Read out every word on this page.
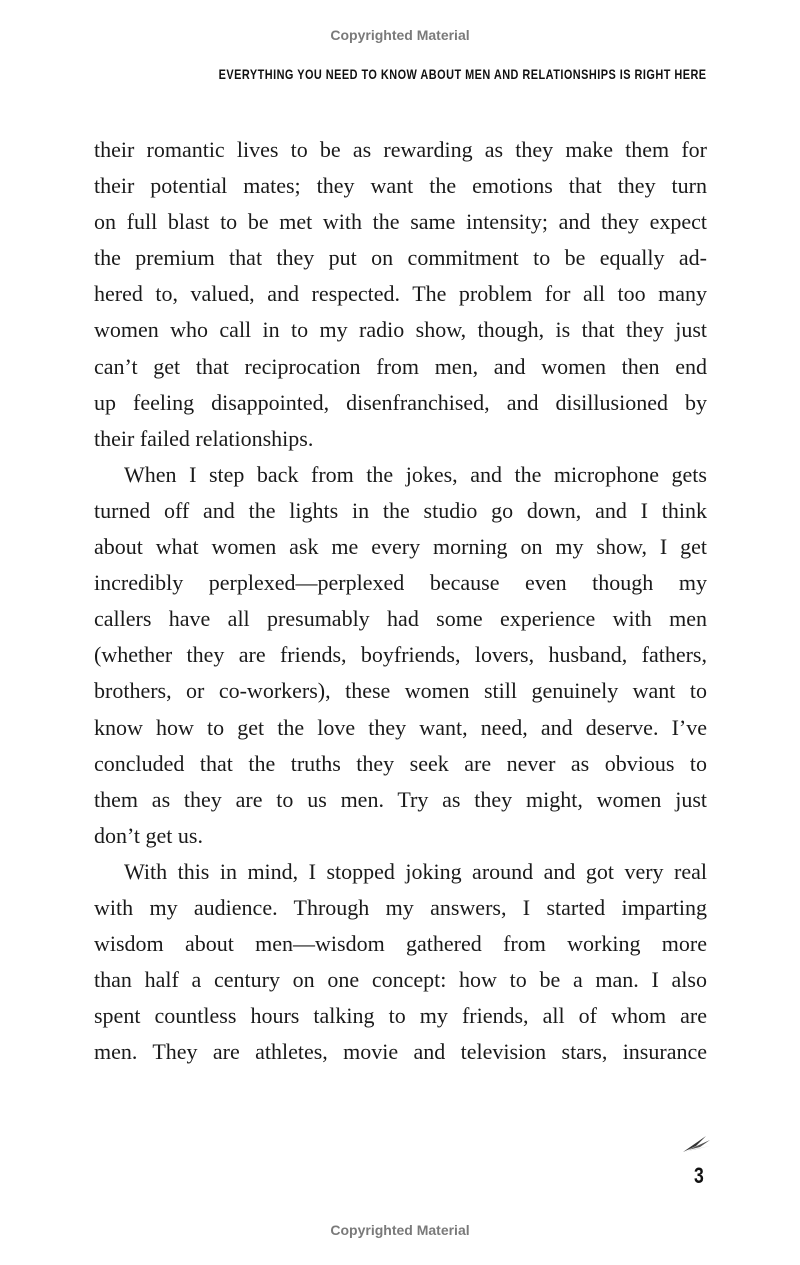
Copyrighted Material
EVERYTHING YOU NEED TO KNOW ABOUT MEN AND RELATIONSHIPS IS RIGHT HERE
their romantic lives to be as rewarding as they make them for
their potential mates; they want the emotions that they turn
on full blast to be met with the same intensity; and they expect
the premium that they put on commitment to be equally ad-
hered to, valued, and respected. The problem for all too many
women who call in to my radio show, though, is that they just
can’t get that reciprocation from men, and women then end
up feeling disappointed, disenfranchised, and disillusioned by
their failed relationships.
When I step back from the jokes, and the microphone gets
turned off and the lights in the studio go down, and I think
about what women ask me every morning on my show, I get
incredibly perplexed—perplexed because even though my
callers have all presumably had some experience with men
(whether they are friends, boyfriends, lovers, husband, fathers,
brothers, or co-workers), these women still genuinely want to
know how to get the love they want, need, and deserve. I’ve
concluded that the truths they seek are never as obvious to
them as they are to us men. Try as they might, women just
don’t get us.
With this in mind, I stopped joking around and got very real
with my audience. Through my answers, I started imparting
wisdom about men—wisdom gathered from working more
than half a century on one concept: how to be a man. I also
spent countless hours talking to my friends, all of whom are
men. They are athletes, movie and television stars, insurance
3
Copyrighted Material
